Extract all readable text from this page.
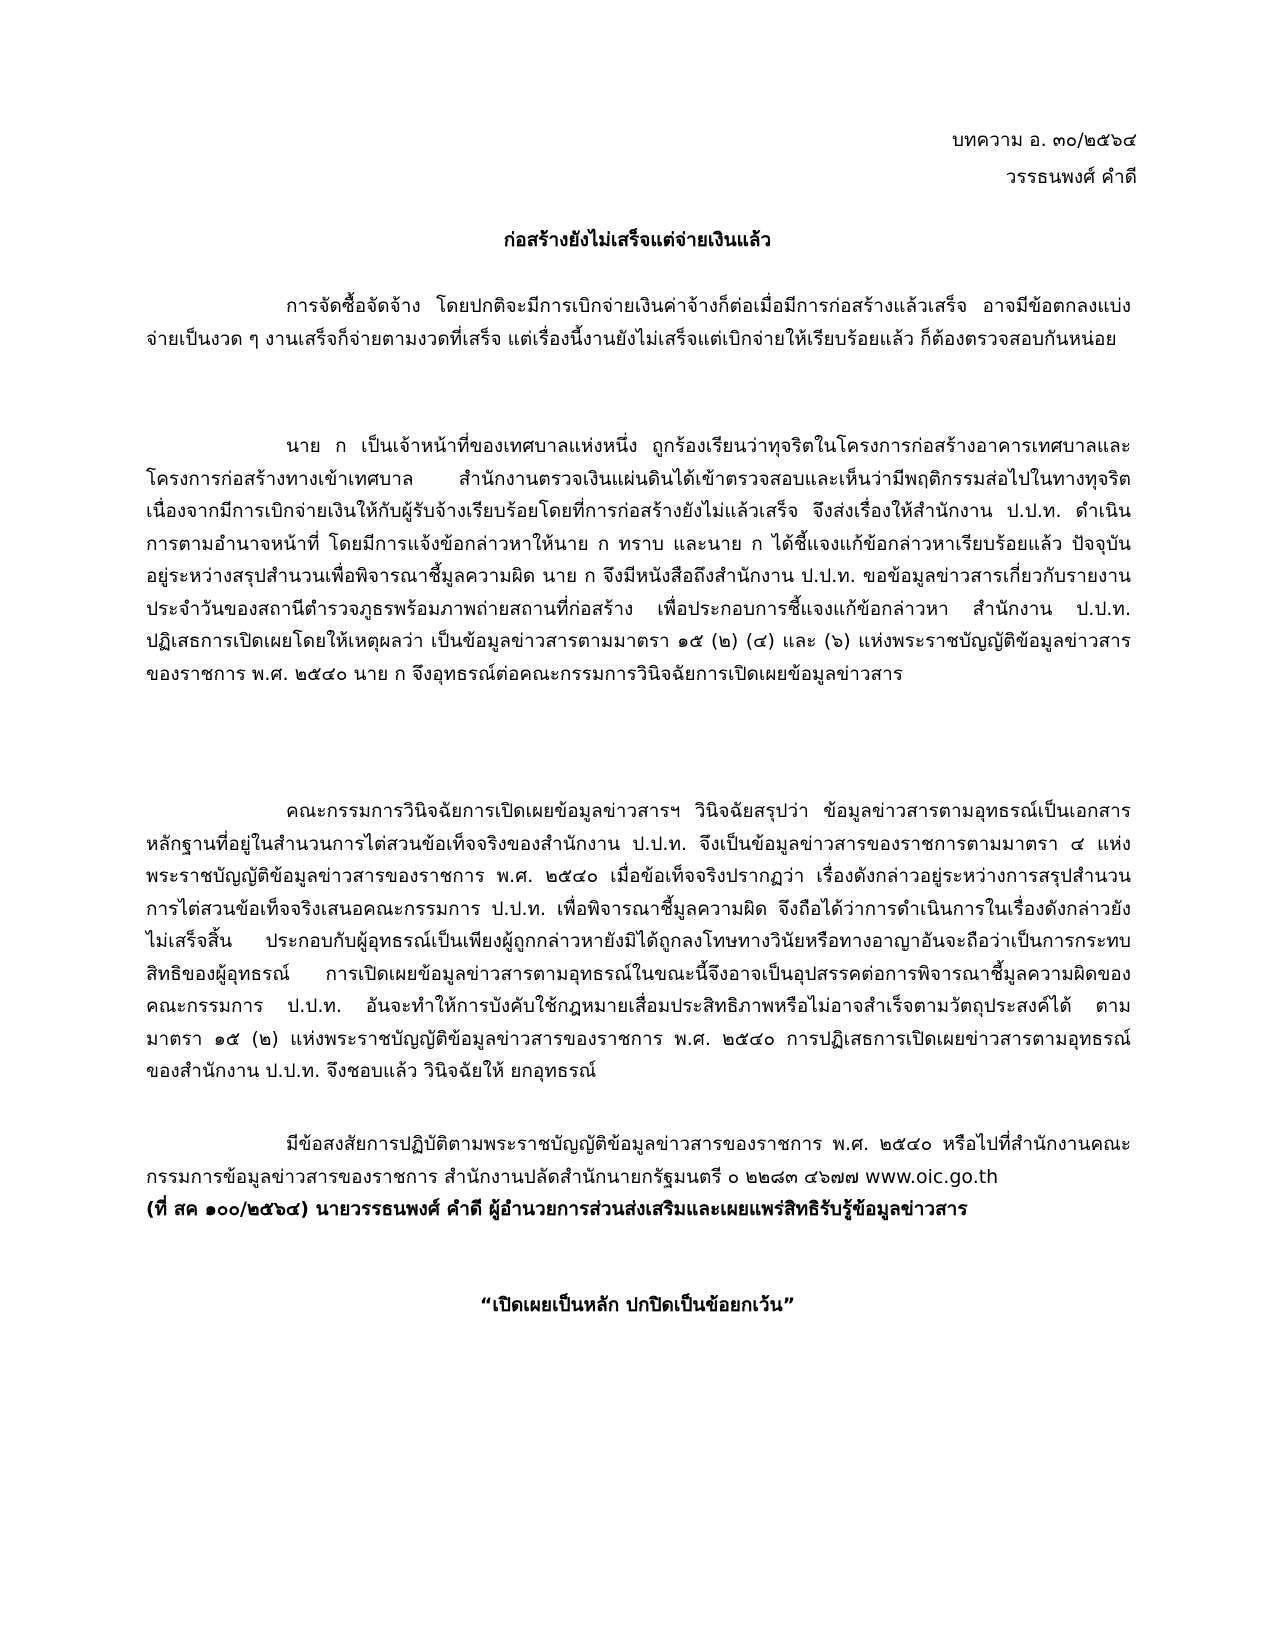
บทความ อ. ๓๐/๒๕๖๔
วรรธนพงศ์ คำดี
ก่อสร้างยังไม่เสร็จแต่จ่ายเงินแล้ว

การจัดซื้อจัดจ้าง โดยปกติจะมีการเบิกจ่ายเงินค่าจ้างก็ต่อเมื่อมีการก่อสร้างแล้วเสร็จ อาจมีข้อตกลงแบ่งจ่ายเป็นงวด ๆ งานเสร็จก็จ่ายตามงวดที่เสร็จ แต่เรื่องนี้งานยังไม่เสร็จแต่เบิกจ่ายให้เรียบร้อยแล้ว ก็ต้องตรวจสอบกันหน่อย

นาย ก เป็นเจ้าหน้าที่ของเทศบาลแห่งหนึ่ง ถูกร้องเรียนว่าทุจริตในโครงการก่อสร้างอาคารเทศบาลและโครงการก่อสร้างทางเข้าเทศบาล สำนักงานตรวจเงินแผ่นดินได้เข้าตรวจสอบและเห็นว่ามีพฤติกรรมส่อไปในทางทุจริต เนื่องจากมีการเบิกจ่ายเงินให้กับผู้รับจ้างเรียบร้อยโดยที่การก่อสร้างยังไม่แล้วเสร็จ จึงส่งเรื่องให้สำนักงาน ป.ป.ท. ดำเนินการตามอำนาจหน้าที่ โดยมีการแจ้งข้อกล่าวหาให้นาย ก ทราบ และนาย ก ได้ชี้แจงแก้ข้อกล่าวหาเรียบร้อยแล้ว ปัจจุบันอยู่ระหว่างสรุปสำนวนเพื่อพิจารณาชี้มูลความผิด นาย ก จึงมีหนังสือถึงสำนักงาน ป.ป.ท. ขอข้อมูลข่าวสารเกี่ยวกับรายงานประจำวันของสถานีตำรวจภูธรพร้อมภาพถ่ายสถานที่ก่อสร้าง เพื่อประกอบการชี้แจงแก้ข้อกล่าวหา สำนักงาน ป.ป.ท. ปฏิเสธการเปิดเผยโดยให้เหตุผลว่า เป็นข้อมูลข่าวสารตามมาตรา ๑๕ (๒) (๔) และ (๖) แห่งพระราชบัญญัติข้อมูลข่าวสารของราชการ พ.ศ. ๒๕๔๐ นาย ก จึงอุทธรณ์ต่อคณะกรรมการวินิจฉัยการเปิดเผยข้อมูลข่าวสาร

คณะกรรมการวินิจฉัยการเปิดเผยข้อมูลข่าวสารฯ วินิจฉัยสรุปว่า ข้อมูลข่าวสารตามอุทธรณ์เป็นเอกสารหลักฐานที่อยู่ในสำนวนการไต่สวนข้อเท็จจริงของสำนักงาน ป.ป.ท. จึงเป็นข้อมูลข่าวสารของราชการตามมาตรา ๔ แห่งพระราชบัญญัติข้อมูลข่าวสารของราชการ พ.ศ. ๒๕๔๐ เมื่อข้อเท็จจริงปรากฏว่า เรื่องดังกล่าวอยู่ระหว่างการสรุปสำนวนการไต่สวนข้อเท็จจริงเสนอคณะกรรมการ ป.ป.ท. เพื่อพิจารณาชี้มูลความผิด จึงถือได้ว่าการดำเนินการในเรื่องดังกล่าวยังไม่เสร็จสิ้น ประกอบกับผู้อุทธรณ์เป็นเพียงผู้ถูกกล่าวหายังมิได้ถูกลงโทษทางวินัยหรือทางอาญาอันจะถือว่าเป็นการกระทบสิทธิของผู้อุทธรณ์ การเปิดเผยข้อมูลข่าวสารตามอุทธรณ์ในขณะนี้จึงอาจเป็นอุปสรรคต่อการพิจารณาชี้มูลความผิดของคณะกรรมการ ป.ป.ท. อันจะทำให้การบังคับใช้กฎหมายเสื่อมประสิทธิภาพหรือไม่อาจสำเร็จตามวัตถุประสงค์ได้ ตามมาตรา ๑๕ (๒) แห่งพระราชบัญญัติข้อมูลข่าวสารของราชการ พ.ศ. ๒๕๔๐ การปฏิเสธการเปิดเผยข่าวสารตามอุทธรณ์ของสำนักงาน ป.ป.ท. จึงชอบแล้ว วินิจฉัยให้ ยกอุทธรณ์

มีข้อสงสัยการปฏิบัติตามพระราชบัญญัติข้อมูลข่าวสารของราชการ พ.ศ. ๒๕๔๐ หรือไปที่สำนักงานคณะกรรมการข้อมูลข่าวสารของราชการ สำนักงานปลัดสำนักนายกรัฐมนตรี ๐ ๒๒๘๓ ๔๖๗๗ www.oic.go.th

(ที่ สค ๑๐๐/๒๕๖๔) นายวรรธนพงศ์ คำดี ผู้อำนวยการส่วนส่งเสริมและเผยแพร่สิทธิรับรู้ข้อมูลข่าวสาร
“เปิดเผยเป็นหลัก ปกปิดเป็นข้อยกเว้น”
